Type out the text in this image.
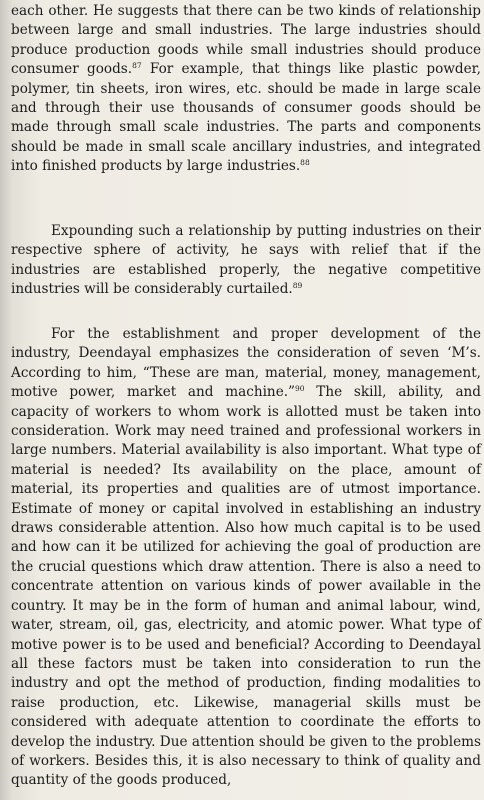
each other. He suggests that there can be two kinds of relationship between large and small industries. The large industries should produce production goods while small industries should produce consumer goods.$^{87}$ For example, that things like plastic powder, polymer, tin sheets, iron wires, etc. should be made in large scale and through their use thousands of consumer goods should be made through small scale industries. The parts and components should be made in small scale ancillary industries, and integrated into finished products by large industries.$^{88}$

Expounding such a relationship by putting industries on their respective sphere of activity, he says with relief that if the industries are established properly, the negative competitive industries will be considerably curtailed.$^{89}$

For the establishment and proper development of the industry, Deendayal emphasizes the consideration of seven ‘M’s. According to him, “These are man, material, money, management, motive power, market and machine.”$^{90}$ The skill, ability, and capacity of workers to whom work is allotted must be taken into consideration. Work may need trained and professional workers in large numbers. Material availability is also important. What type of material is needed? Its availability on the place, amount of material, its properties and qualities are of utmost importance. Estimate of money or capital involved in establishing an industry draws considerable attention. Also how much capital is to be used and how can it be utilized for achieving the goal of production are the crucial questions which draw attention. There is also a need to concentrate attention on various kinds of power available in the country. It may be in the form of human and animal labour, wind, water, stream, oil, gas, electricity, and atomic power. What type of motive power is to be used and beneficial? According to Deendayal all these factors must be taken into consideration to run the industry and opt the method of production, finding modalities to raise production, etc. Likewise, managerial skills must be considered with adequate attention to coordinate the efforts to develop the industry. Due attention should be given to the problems of workers. Besides this, it is also necessary to think of quality and quantity of the goods produced,
